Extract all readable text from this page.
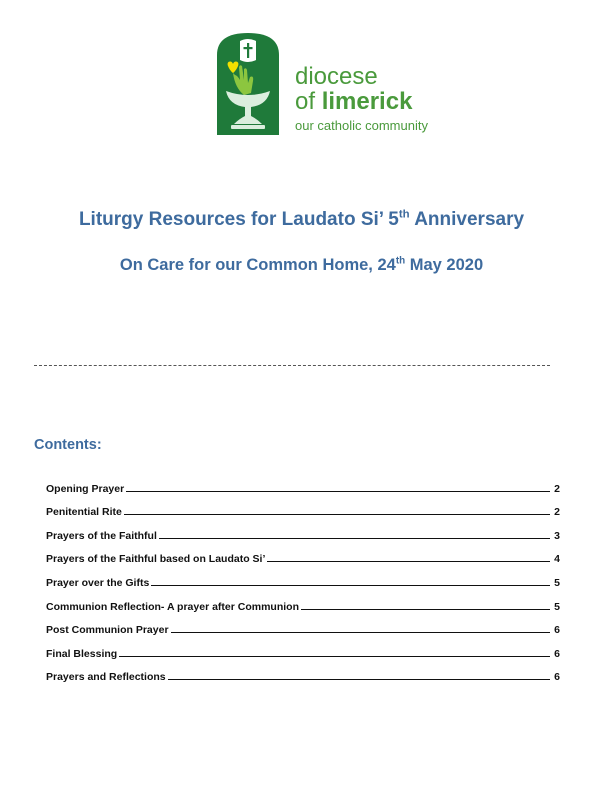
diocese
of limerick
our catholic community
Liturgy Resources for Laudato Si’ 5th Anniversary
On Care for our Common Home, 24th May 2020
Contents:
Opening Prayer	2
Penitential Rite	2
Prayers of the Faithful	3
Prayers of the Faithful based on Laudato Si’	4
Prayer over the Gifts	5
Communion Reflection- A prayer after Communion	5
Post Communion Prayer	6
Final Blessing	6
Prayers and Reflections	6
